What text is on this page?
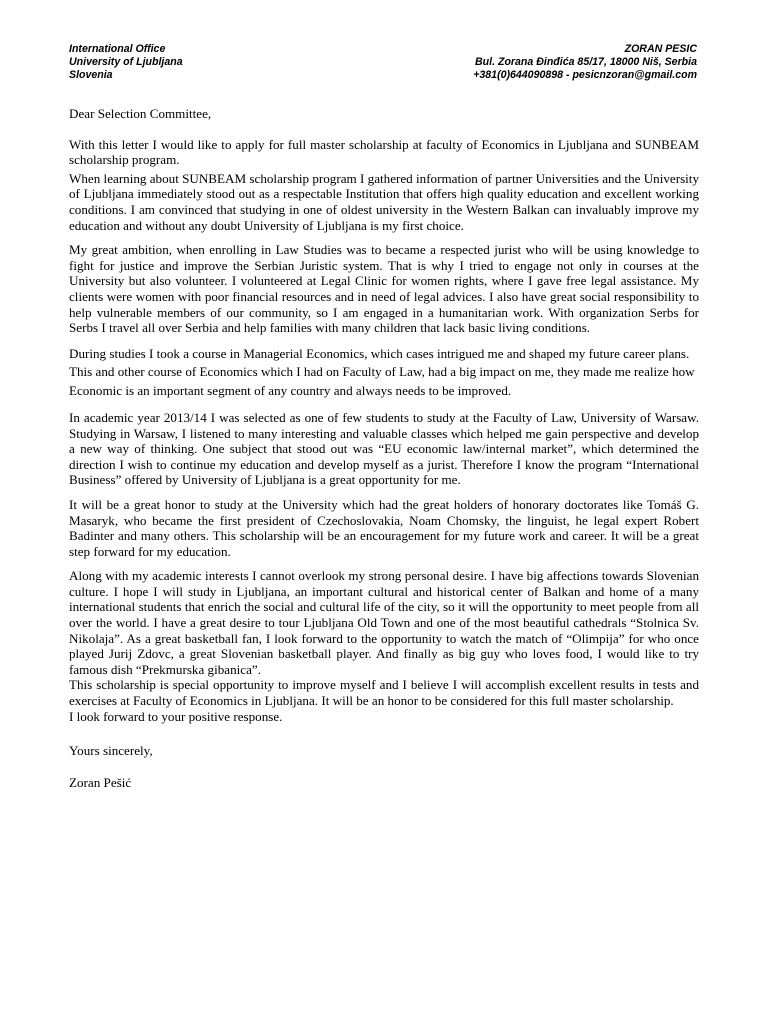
International Office
University of Ljubljana
Slovenia
ZORAN PESIC
Bul. Zorana Đinđića 85/17, 18000 Niš, Serbia
+381(0)644090898 - pesicnzoran@gmail.com

Dear Selection Committee,

With this letter I would like to apply for full master scholarship at faculty of Economics in Ljubljana and SUNBEAM scholarship program.

When learning about SUNBEAM scholarship program I gathered information of partner Universities and the University of Ljubljana immediately stood out as a respectable Institution that offers high quality education and excellent working conditions. I am convinced that studying in one of oldest university in the Western Balkan can invaluably improve my education and without any doubt University of Ljubljana is my first choice.

My great ambition, when enrolling in Law Studies was to became a respected jurist who will be using knowledge to fight for justice and improve the Serbian Juristic system. That is why I tried to engage not only in courses at the University but also volunteer. I volunteered at Legal Clinic for women rights, where I gave free legal assistance. My clients were women with poor financial resources and in need of legal advices. I also have great social responsibility to help vulnerable members of our community, so I am engaged in a humanitarian work. With organization Serbs for Serbs I travel all over Serbia and help families with many children that lack basic living conditions.

During studies I took a course in Managerial Economics, which cases intrigued me and shaped my future career plans. This and other course of Economics which I had on Faculty of Law, had a big impact on me, they made me realize how Economic is an important segment of any country and always needs to be improved.

In academic year 2013/14 I was selected as one of few students to study at the Faculty of Law, University of Warsaw. Studying in Warsaw, I listened to many interesting and valuable classes which helped me gain perspective and develop a new way of thinking. One subject that stood out was “EU economic law/internal market”, which determined the direction I wish to continue my education and develop myself as a jurist. Therefore I know the program “International Business” offered by University of Ljubljana is a great opportunity for me.

It will be a great honor to study at the University which had the great holders of honorary doctorates like Tomáš G. Masaryk, who became the first president of Czechoslovakia, Noam Chomsky, the linguist, he legal expert Robert Badinter and many others. This scholarship will be an encouragement for my future work and career. It will be a great step forward for my education.

Along with my academic interests I cannot overlook my strong personal desire. I have big affections towards Slovenian culture. I hope I will study in Ljubljana, an important cultural and historical center of Balkan and home of a many international students that enrich the social and cultural life of the city, so it will the opportunity to meet people from all over the world. I have a great desire to tour Ljubljana Old Town and one of the most beautiful cathedrals “Stolnica Sv. Nikolaja”. As a great basketball fan, I look forward to the opportunity to watch the match of “Olimpija” for who once played Jurij Zdovc, a great Slovenian basketball player. And finally as big guy who loves food, I would like to try famous dish “Prekmurska gibanica”.

This scholarship is special opportunity to improve myself and I believe I will accomplish excellent results in tests and exercises at Faculty of Economics in Ljubljana. It will be an honor to be considered for this full master scholarship.

I look forward to your positive response.

Yours sincerely,

Zoran Pešić
